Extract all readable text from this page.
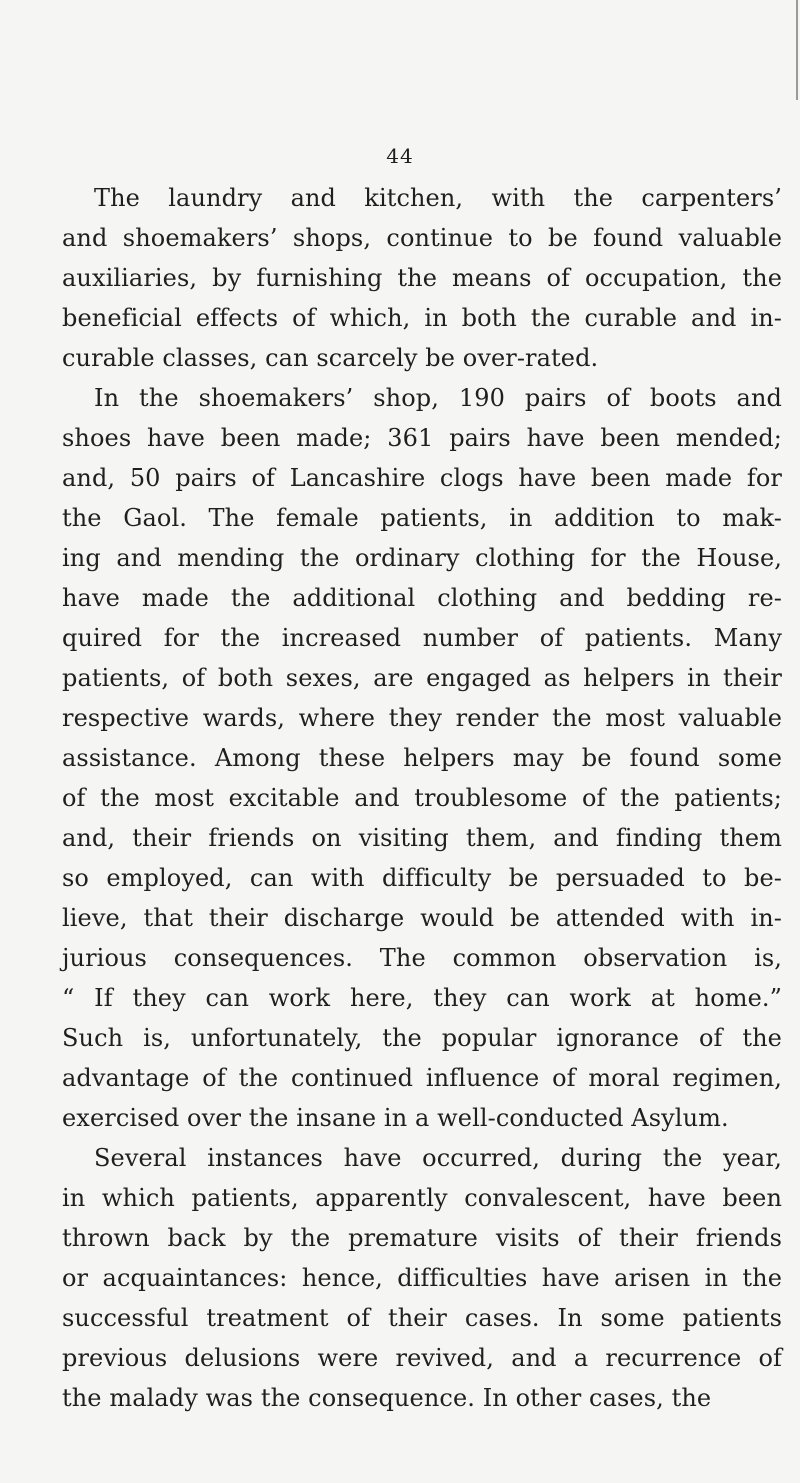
44
The laundry and kitchen, with the carpenters’
and shoemakers’ shops, continue to be found valuable
auxiliaries, by furnishing the means of occupation, the
beneficial effects of which, in both the curable and in-
curable classes, can scarcely be over-rated.
In the shoemakers’ shop, 190 pairs of boots and
shoes have been made; 361 pairs have been mended;
and, 50 pairs of Lancashire clogs have been made for
the Gaol. The female patients, in addition to mak-
ing and mending the ordinary clothing for the House,
have made the additional clothing and bedding re-
quired for the increased number of patients. Many
patients, of both sexes, are engaged as helpers in their
respective wards, where they render the most valuable
assistance. Among these helpers may be found some
of the most excitable and troublesome of the patients;
and, their friends on visiting them, and finding them
so employed, can with difficulty be persuaded to be-
lieve, that their discharge would be attended with in-
jurious consequences. The common observation is,
“ If they can work here, they can work at home.”
Such is, unfortunately, the popular ignorance of the
advantage of the continued influence of moral regimen,
exercised over the insane in a well-conducted Asylum.
Several instances have occurred, during the year,
in which patients, apparently convalescent, have been
thrown back by the premature visits of their friends
or acquaintances: hence, difficulties have arisen in the
successful treatment of their cases. In some patients
previous delusions were revived, and a recurrence of
the malady was the consequence. In other cases, the
